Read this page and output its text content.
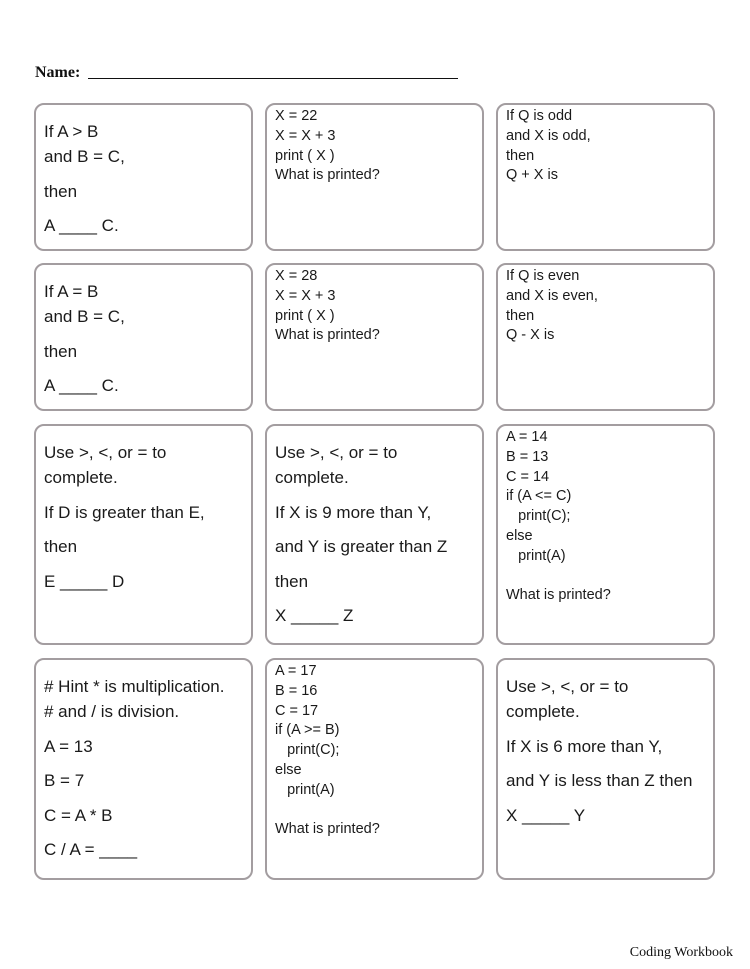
Name:
If A > B
and B = C,
then
A ____ C.
X = 22
X = X + 3
print ( X )
What is printed?
If Q is odd
and X is odd,
then
Q + X is
If A = B
and B = C,
then
A ____ C.
X = 28
X = X + 3
print ( X )
What is printed?
If Q is even
and X is even,
then
Q - X is
Use >, <, or = to
complete.
If D is greater than E,
then
E _____ D
Use >, <, or = to
complete.
If X is 9 more than Y,
and Y is greater than Z
then
X _____ Z
A = 14
B = 13
C = 14
if (A <= C)
print(C);
else
print(A)
What is printed?
# Hint * is multiplication.
# and / is division.
A = 13
B = 7
C = A * B
C / A = ____
A = 17
B = 16
C = 17
if (A >= B)
print(C);
else
print(A)
What is printed?
Use >, <, or = to
complete.
If X is 6 more than Y,
and Y is less than Z then
X _____ Y
Coding Workbook
